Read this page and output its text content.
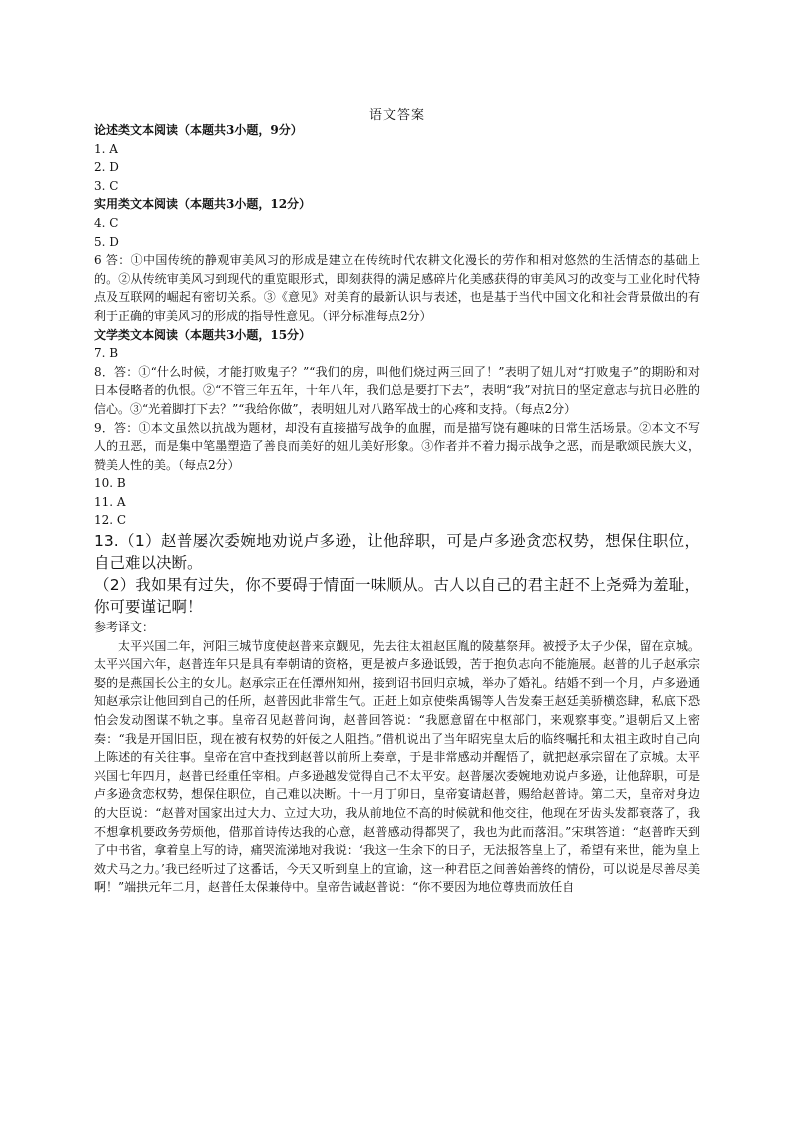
语文答案

论述类文本阅读（本题共3小题，9分）

1. A

2. D

3. C

实用类文本阅读（本题共3小题，12分）

4. C

5. D

6 答：①中国传统的静观审美风习的形成是建立在传统时代农耕文化漫长的劳作和相对悠然的生活情态的基础上的。②从传统审美风习到现代的重览眼形式，即刻获得的满足感碎片化美感获得的审美风习的改变与工业化时代特点及互联网的崛起有密切关系。③《意见》对美育的最新认识与表述，也是基于当代中国文化和社会背景做出的有利于正确的审美风习的形成的指导性意见。（评分标准每点2分）

文学类文本阅读（本题共3小题，15分）

7. B

8．答：①“什么时候，才能打败鬼子？”“我们的房，叫他们烧过两三回了！”表明了妞儿对“打败鬼子”的期盼和对日本侵略者的仇恨。②“不管三年五年，十年八年，我们总是要打下去”，表明“我”对抗日的坚定意志与抗日必胜的信心。③“光着脚打下去？”“我给你做”，表明妞儿对八路军战士的心疼和支持。（每点2分）

9．答：①本文虽然以抗战为题材，却没有直接描写战争的血腥，而是描写饶有趣味的日常生活场景。②本文不写人的丑恶，而是集中笔墨塑造了善良而美好的妞儿美好形象。③作者并不着力揭示战争之恶，而是歌颂民族大义，赞美人性的美。（每点2分）

10. B

11. A

12. C

13.（1）赵普屡次委婉地劝说卢多逊，让他辞职，可是卢多逊贪恋权势，想保住职位，自己难以决断。

（2）我如果有过失，你不要碍于情面一味顺从。古人以自己的君主赶不上尧舜为羞耻，你可要谨记啊！

参考译文：

太平兴国二年，河阳三城节度使赵普来京觐见，先去往太祖赵匡胤的陵墓祭拜。被授予太子少保，留在京城。太平兴国六年，赵普连年只是具有奉朝请的资格，更是被卢多逊诋毁，苦于抱负志向不能施展。赵普的儿子赵承宗娶的是燕国长公主的女儿。赵承宗正在任潭州知州，接到诏书回归京城，举办了婚礼。结婚不到一个月，卢多逊通知赵承宗让他回到自己的任所，赵普因此非常生气。正赶上如京使柴禹锡等人告发秦王赵廷美骄横恣肆，私底下恐怕会发动图谋不轨之事。皇帝召见赵普问询，赵普回答说：“我愿意留在中枢部门，来观察事变。”退朝后又上密奏：“我是开国旧臣，现在被有权势的奸佞之人阻挡。”借机说出了当年昭宪皇太后的临终嘱托和太祖主政时自己向上陈述的有关往事。皇帝在宫中查找到赵普以前所上奏章，于是非常感动并醒悟了，就把赵承宗留在了京城。太平兴国七年四月，赵普已经重任宰相。卢多逊越发觉得自己不太平安。赵普屡次委婉地劝说卢多逊，让他辞职，可是卢多逊贪恋权势，想保住职位，自己难以决断。十一月丁卯日，皇帝宴请赵普，赐给赵普诗。第二天，皇帝对身边的大臣说：“赵普对国家出过大力、立过大功，我从前地位不高的时候就和他交往，他现在牙齿头发都衰落了，我不想拿机要政务劳烦他，借那首诗传达我的心意，赵普感动得都哭了，我也为此而落泪。”宋琪答道：“赵普昨天到了中书省，拿着皇上写的诗，痛哭流涕地对我说：‘我这一生余下的日子，无法报答皇上了，希望有来世，能为皇上效犬马之力。’我已经听过了这番话，今天又听到皇上的宣谕，这一种君臣之间善始善终的情份，可以说是尽善尽美啊！”端拱元年二月，赵普任太保兼侍中。皇帝告诫赵普说：“你不要因为地位尊贵而放任自
